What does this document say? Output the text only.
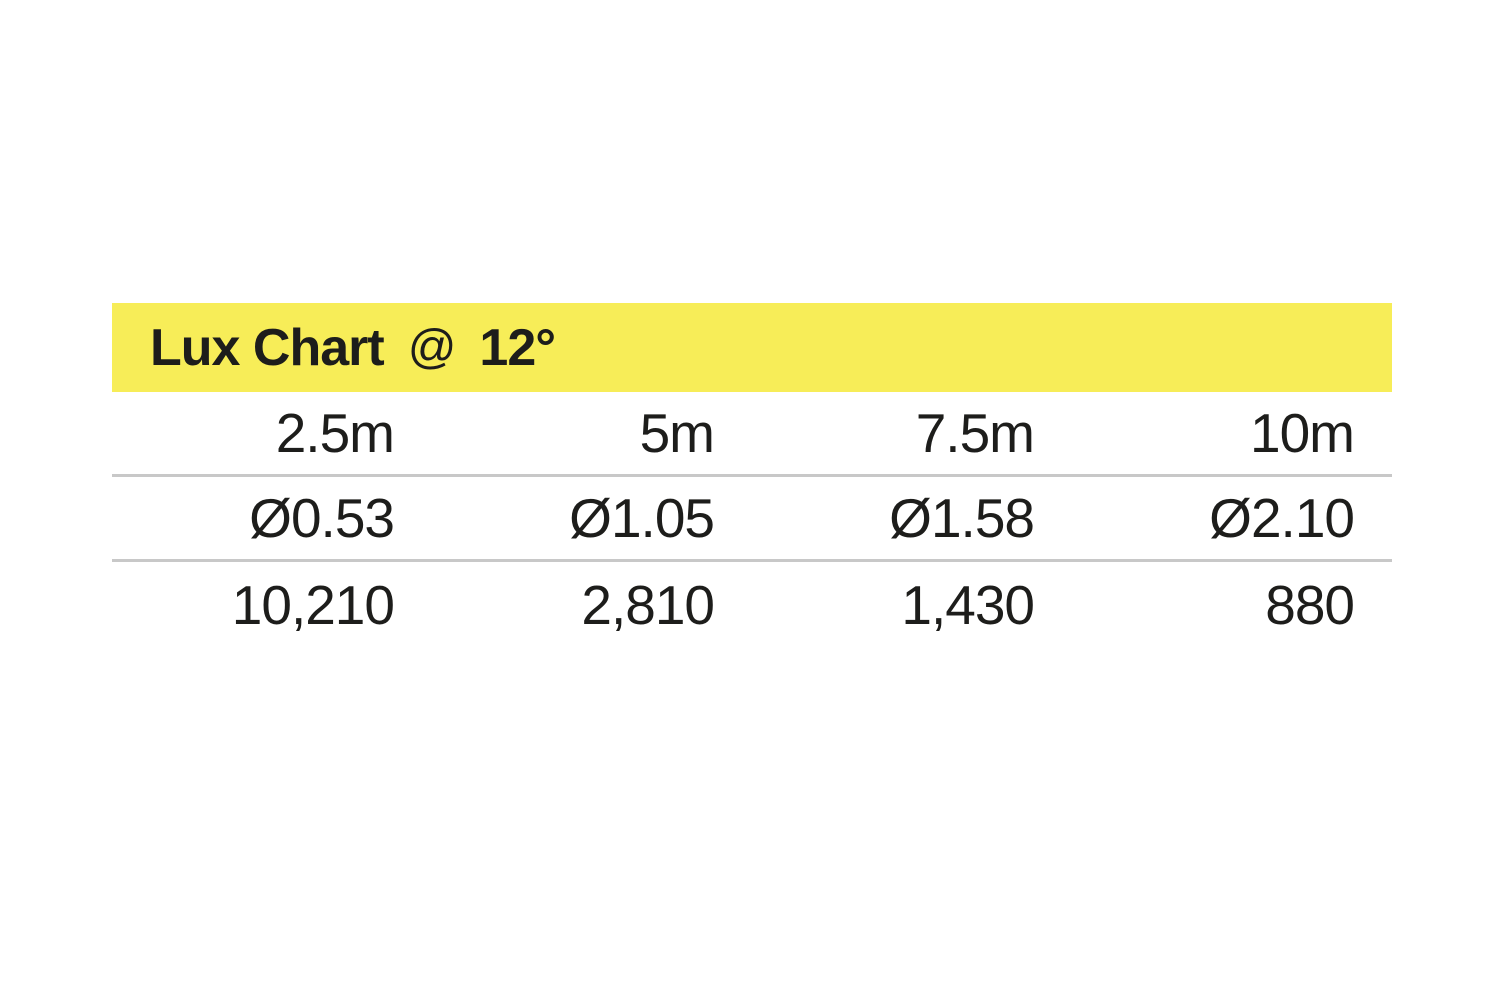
Lux Chart @ 12 °
2.5m	5m	7.5m	10m
Ø0.53	Ø1.05	Ø1.58	Ø2.10
10,210	2,810	1,430	880
